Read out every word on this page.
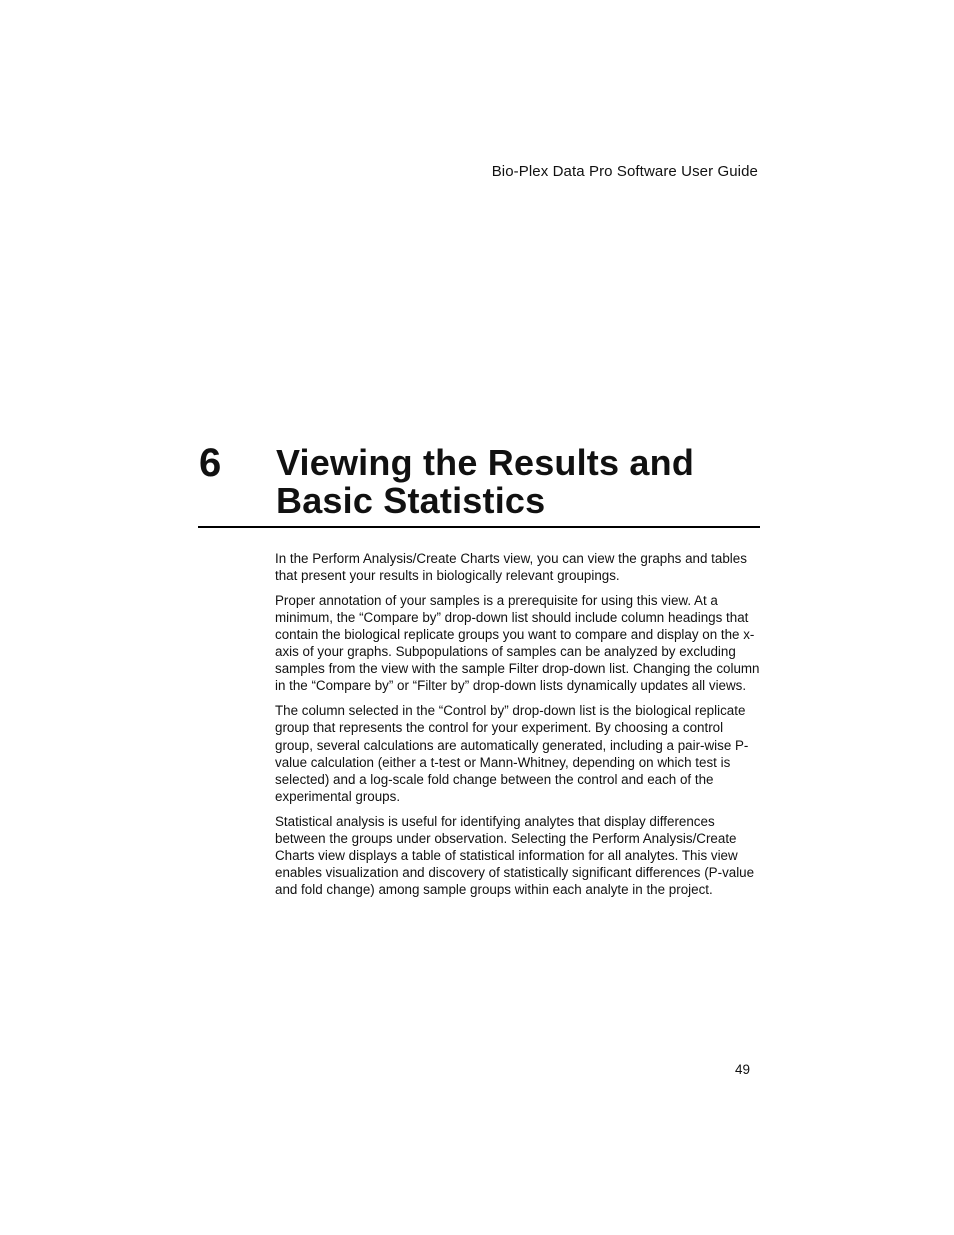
Bio-Plex Data Pro Software User Guide
6 Viewing the Results and
Basic Statistics

In the Perform Analysis/Create Charts view, you can view the graphs and tables that present your results in biologically relevant groupings.

Proper annotation of your samples is a prerequisite for using this view. At a minimum, the “Compare by” drop-down list should include column headings that contain the biological replicate groups you want to compare and display on the x-axis of your graphs. Subpopulations of samples can be analyzed by excluding samples from the view with the sample Filter drop-down list. Changing the column in the “Compare by” or “Filter by” drop-down lists dynamically updates all views.

The column selected in the “Control by” drop-down list is the biological replicate group that represents the control for your experiment. By choosing a control group, several calculations are automatically generated, including a pair-wise P-value calculation (either a t-test or Mann-Whitney, depending on which test is selected) and a log-scale fold change between the control and each of the experimental groups.

Statistical analysis is useful for identifying analytes that display differences between the groups under observation. Selecting the Perform Analysis/Create Charts view displays a table of statistical information for all analytes. This view enables visualization and discovery of statistically significant differences (P-value and fold change) among sample groups within each analyte in the project.

49
